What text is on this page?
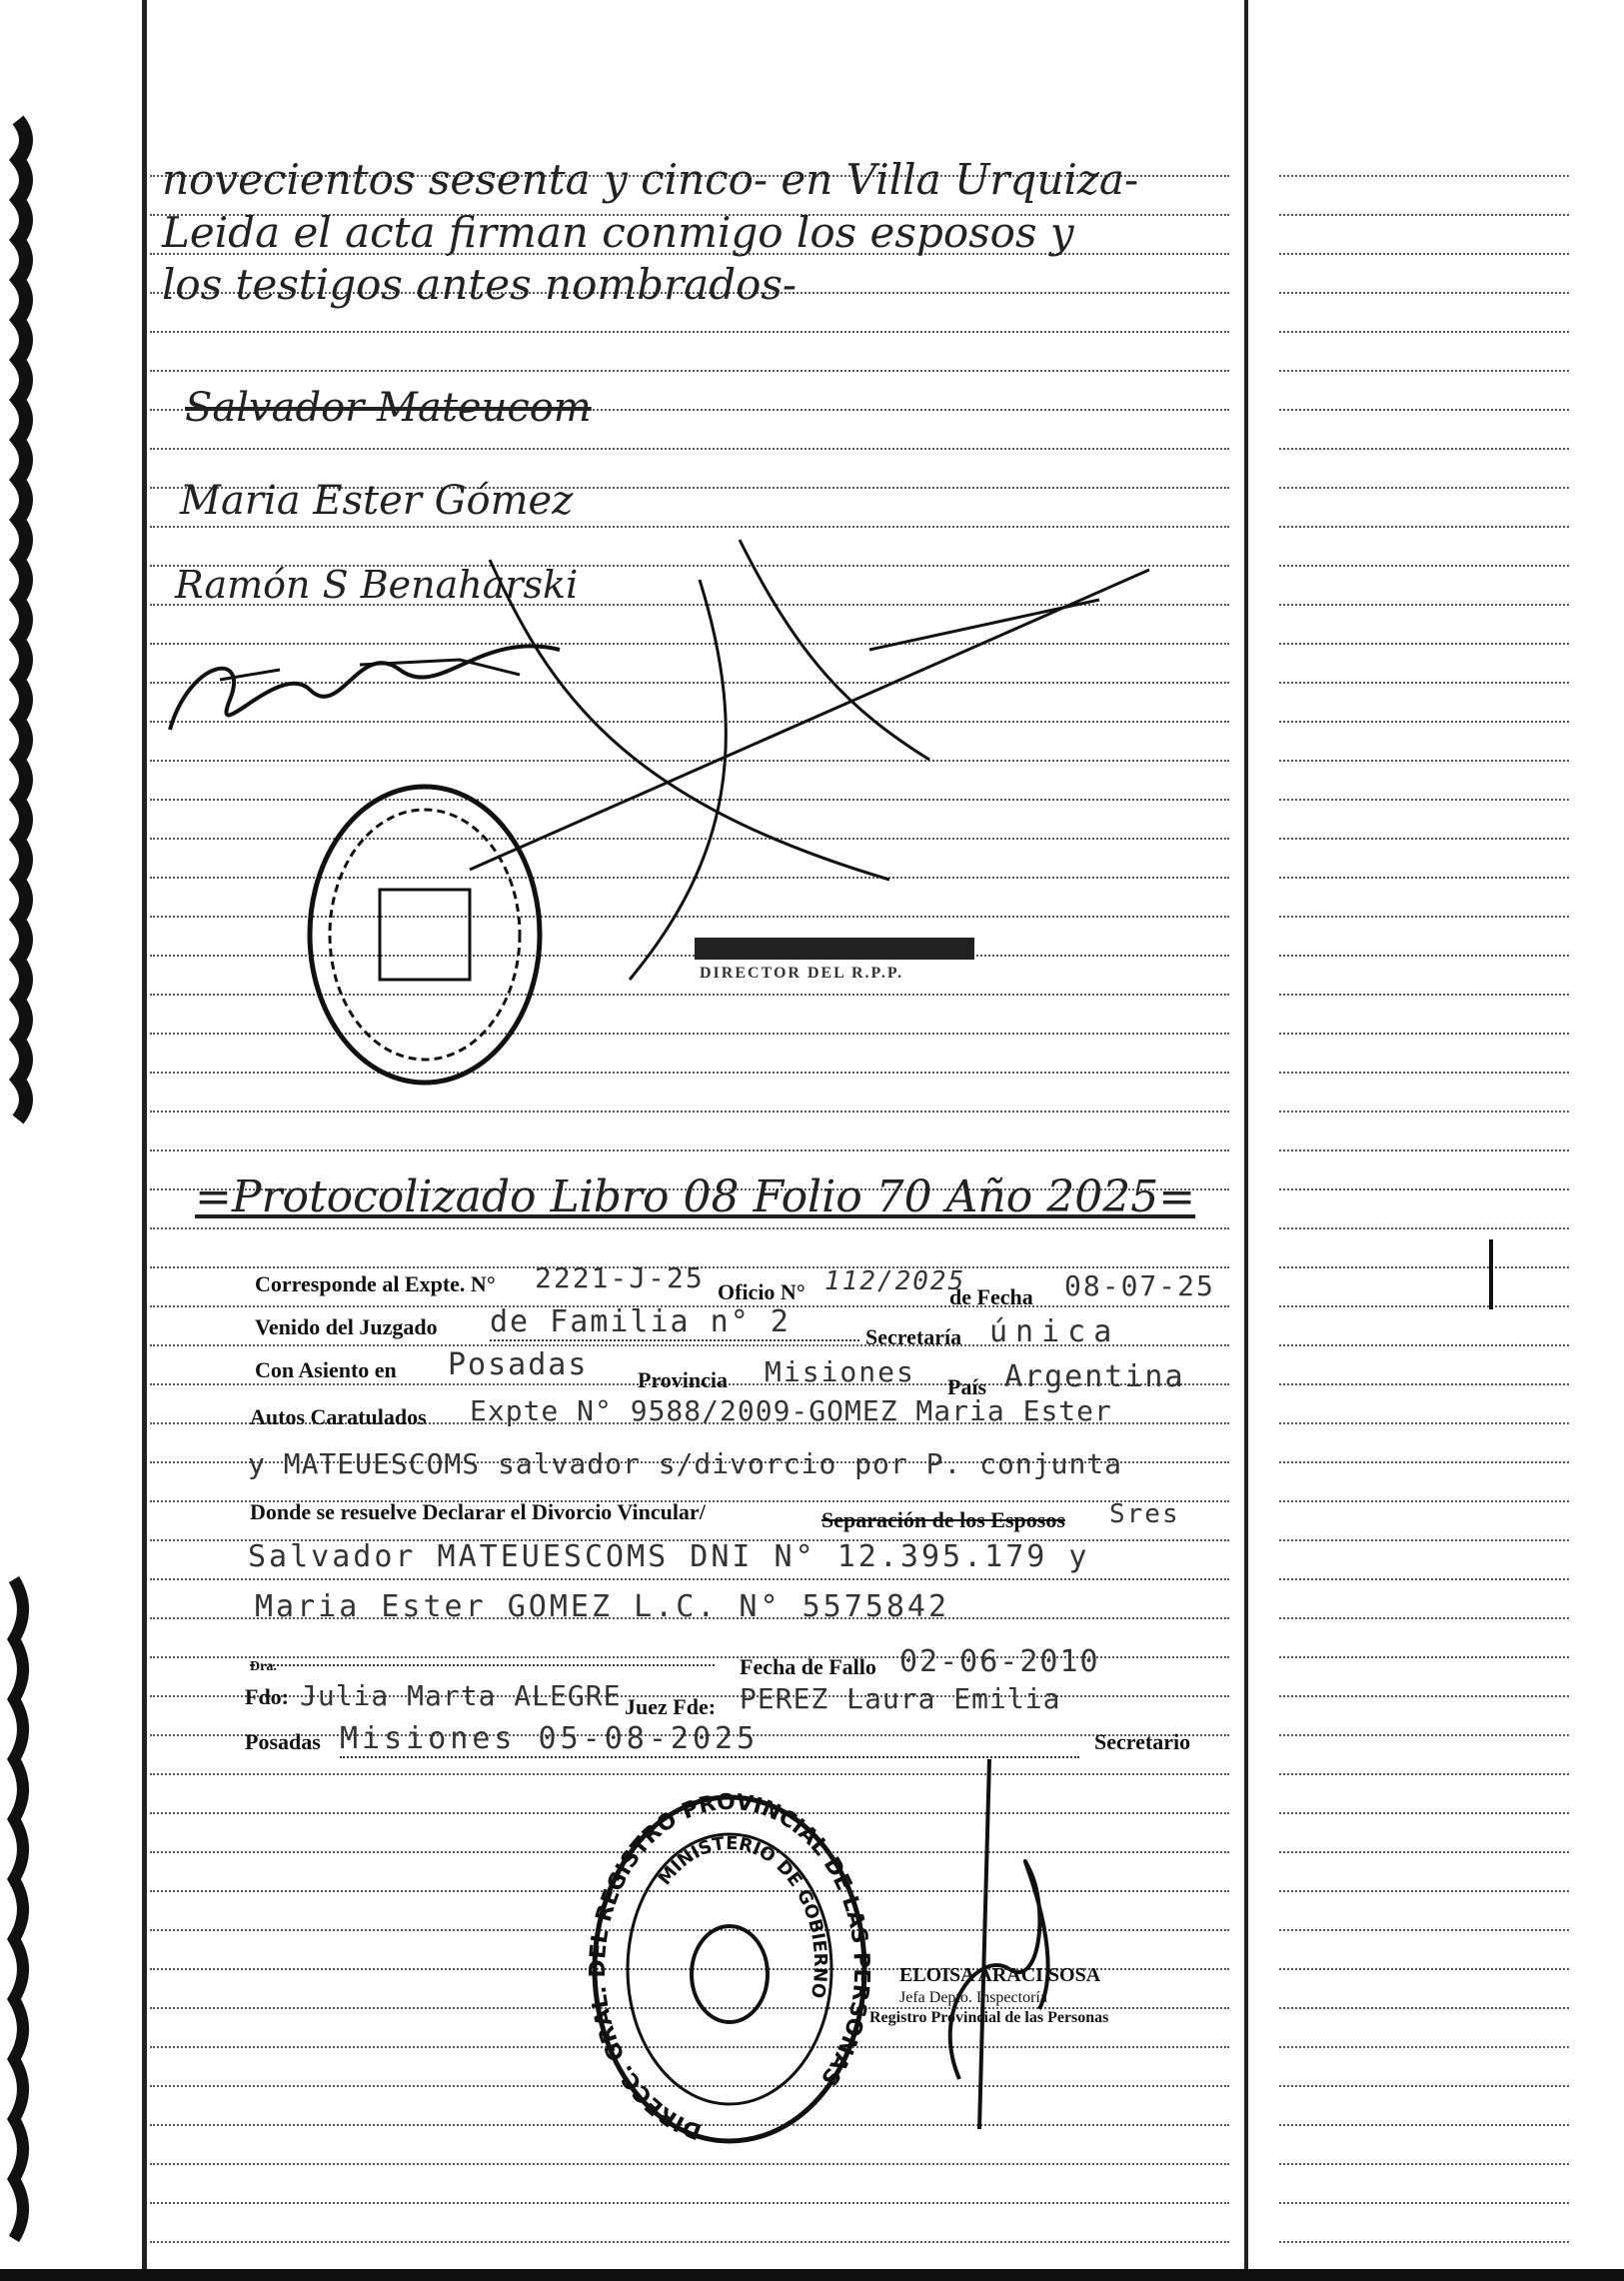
novecientos sesenta y cinco- en Villa Urquiza-
Leida el acta firman conmigo los esposos y
los testigos antes nombrados-
Salvador Mateucom
Maria Ester Gómez
Ramón S Benaharski
DIRECTOR DEL R.P.P.
=Protocolizado Libro 08 Folio 70 Año 2025=
Corresponde al Expte. N° 2221-J-25 Oficio N° 112/2025
de Fecha 08-07-25
Venido del Juzgado de Familia n° 2	Secretaría única
Con Asiento en Posadas Provincia Misiones País Argentina
Autos Caratulados Expte N° 9588/2009-GOMEZ Maria Ester
y MATEUESCOMS salvador s/divorcio por P. conjunta
Donde se resuelve Declarar el Divorcio Vincular/	Separación de los Esposos Sres
Salvador MATEUESCOMS DNI N° 12.395.179 y
Maria Ester GOMEZ L.C. N° 5575842
Fecha de Fallo 02-06-2010
Dra.
Fdo: Julia Marta ALEGRE Juez Fde: PEREZ Laura Emilia
Secretario
Posadas Misiones 05-08-2025
DIRECC. GRAL. DEL REGISTRO PROVINCIAL DE LAS PERSONAS
MINISTERIO DE GOBIERNO
ELOISA ARACI SOSA
Jefa Depto. Inspectoría
Registro Provincial de las Personas
